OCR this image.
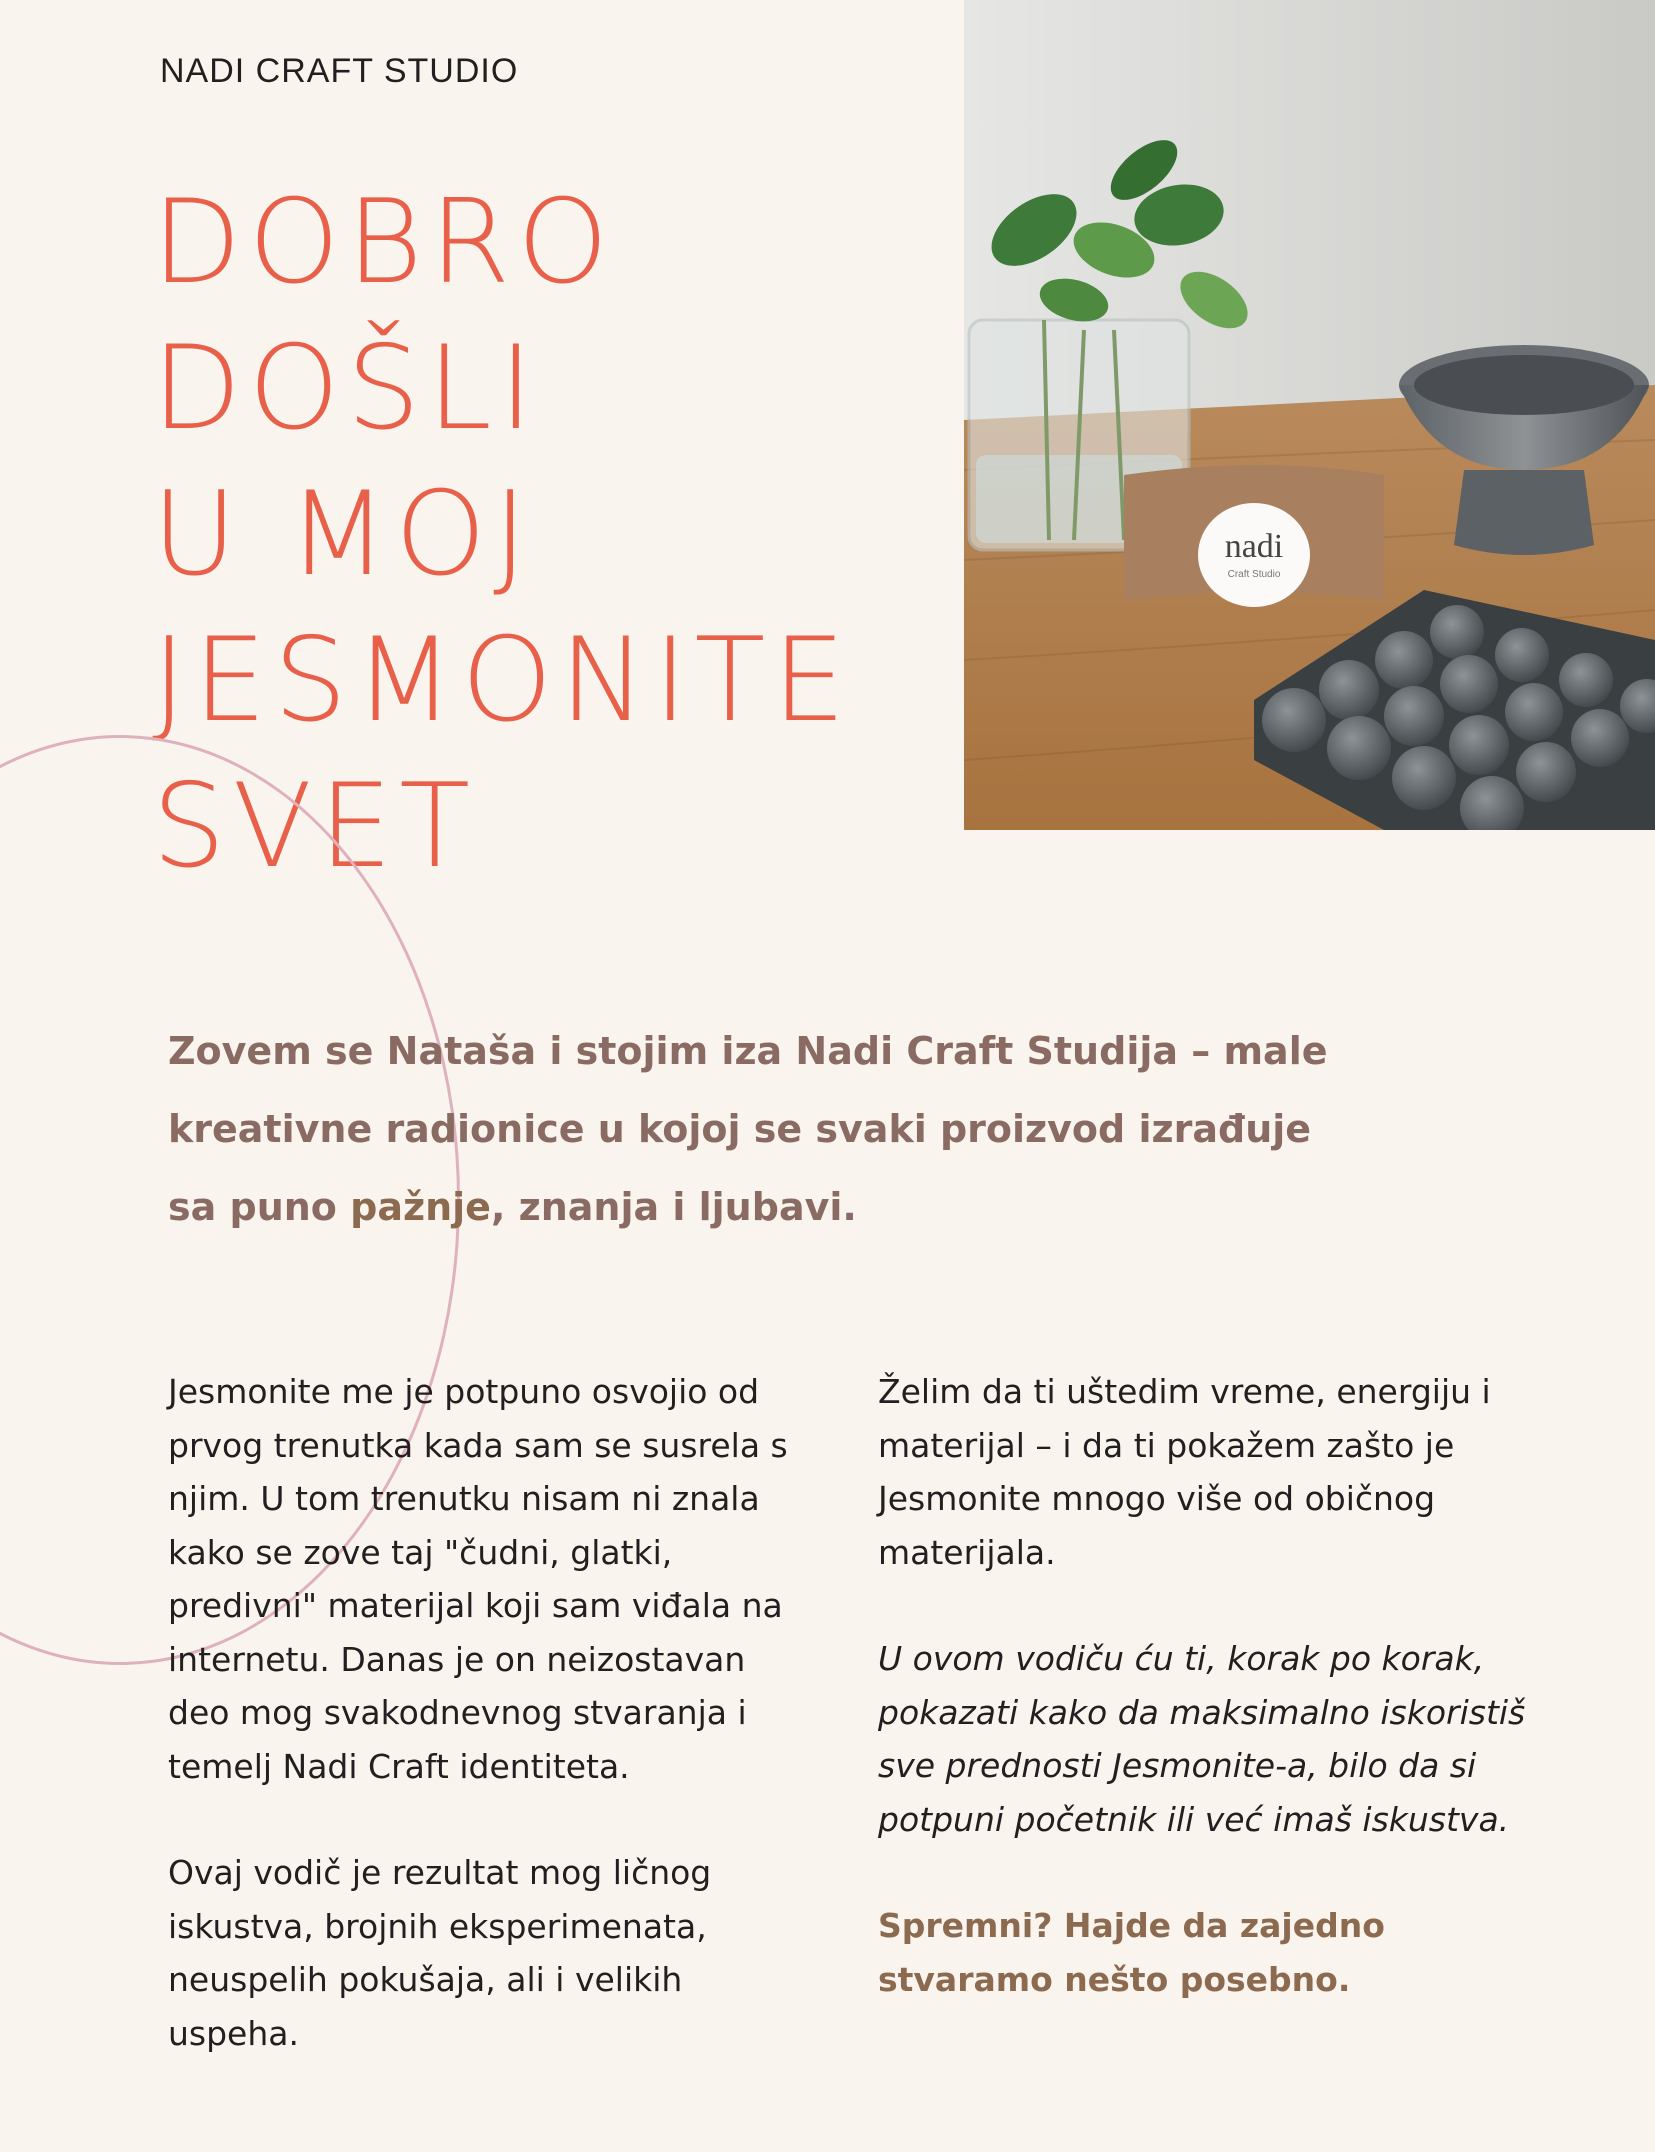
NADI CRAFT STUDIO
DOBRO
DOŠLI
U MOJ
JESMONITE
SVET
nadi
Craft Studio

Zovem se Nataša i stojim iza Nadi Craft Studija – male kreativne radionice u kojoj se svaki proizvod izrađuje sa puno pažnje, znanja i ljubavi.

Jesmonite me je potpuno osvojio od prvog trenutka kada sam se susrela s njim. U tom trenutku nisam ni znala kako se zove taj "čudni, glatki, predivni" materijal koji sam viđala na internetu. Danas je on neizostavan deo mog svakodnevnog stvaranja i temelj Nadi Craft identiteta.

Ovaj vodič je rezultat mog ličnog iskustva, brojnih eksperimenata, neuspelih pokušaja, ali i velikih uspeha.

Želim da ti uštedim vreme, energiju i materijal – i da ti pokažem zašto je Jesmonite mnogo više od običnog materijala.

U ovom vodiču ću ti, korak po korak, pokazati kako da maksimalno iskoristiš sve prednosti Jesmonite-a, bilo da si potpuni početnik ili već imaš iskustva.

Spremni? Hajde da zajedno stvaramo nešto posebno.
